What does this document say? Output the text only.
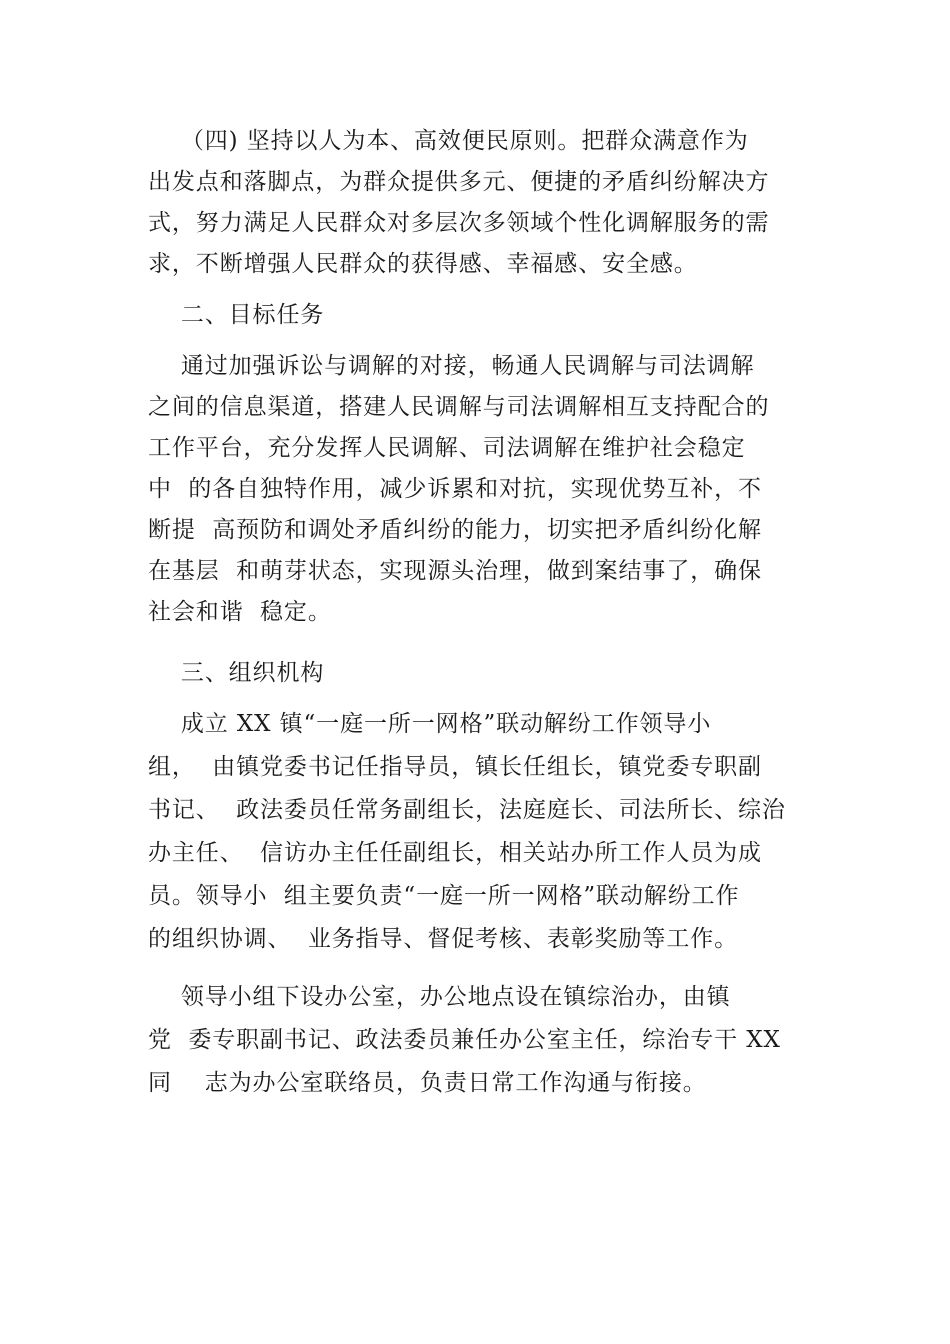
（四) 坚持以人为本、高效便民原则。把群众满意作为
出发点和落脚点，为群众提供多元、便捷的矛盾纠纷解决方
式，努力满足人民群众对多层次多领域个性化调解服务的需
求，不断增强人民群众的获得感、幸福感、安全感。
二、目标任务
通过加强诉讼与调解的对接，畅通人民调解与司法调解
之间的信息渠道，搭建人民调解与司法调解相互支持配合的
工作平台，充分发挥人民调解、司法调解在维护社会稳定
中  的各自独特作用，减少诉累和对抗，实现优势互补，不
断提  高预防和调处矛盾纠纷的能力，切实把矛盾纠纷化解
在基层  和萌芽状态，实现源头治理，做到案结事了，确保
社会和谐  稳定。
三、组织机构
成立 XX 镇“一庭一所一网格”联动解纷工作领导小
组，  由镇党委书记任指导员，镇长任组长，镇党委专职副
书记、  政法委员任常务副组长，法庭庭长、司法所长、综治
办主任、  信访办主任任副组长，相关站办所工作人员为成
员。领导小  组主要负责“一庭一所一网格”联动解纷工作
的组织协调、  业务指导、督促考核、表彰奖励等工作。
领导小组下设办公室，办公地点设在镇综治办，由镇
党  委专职副书记、政法委员兼任办公室主任，综治专干 XX
同    志为办公室联络员，负责日常工作沟通与衔接。
